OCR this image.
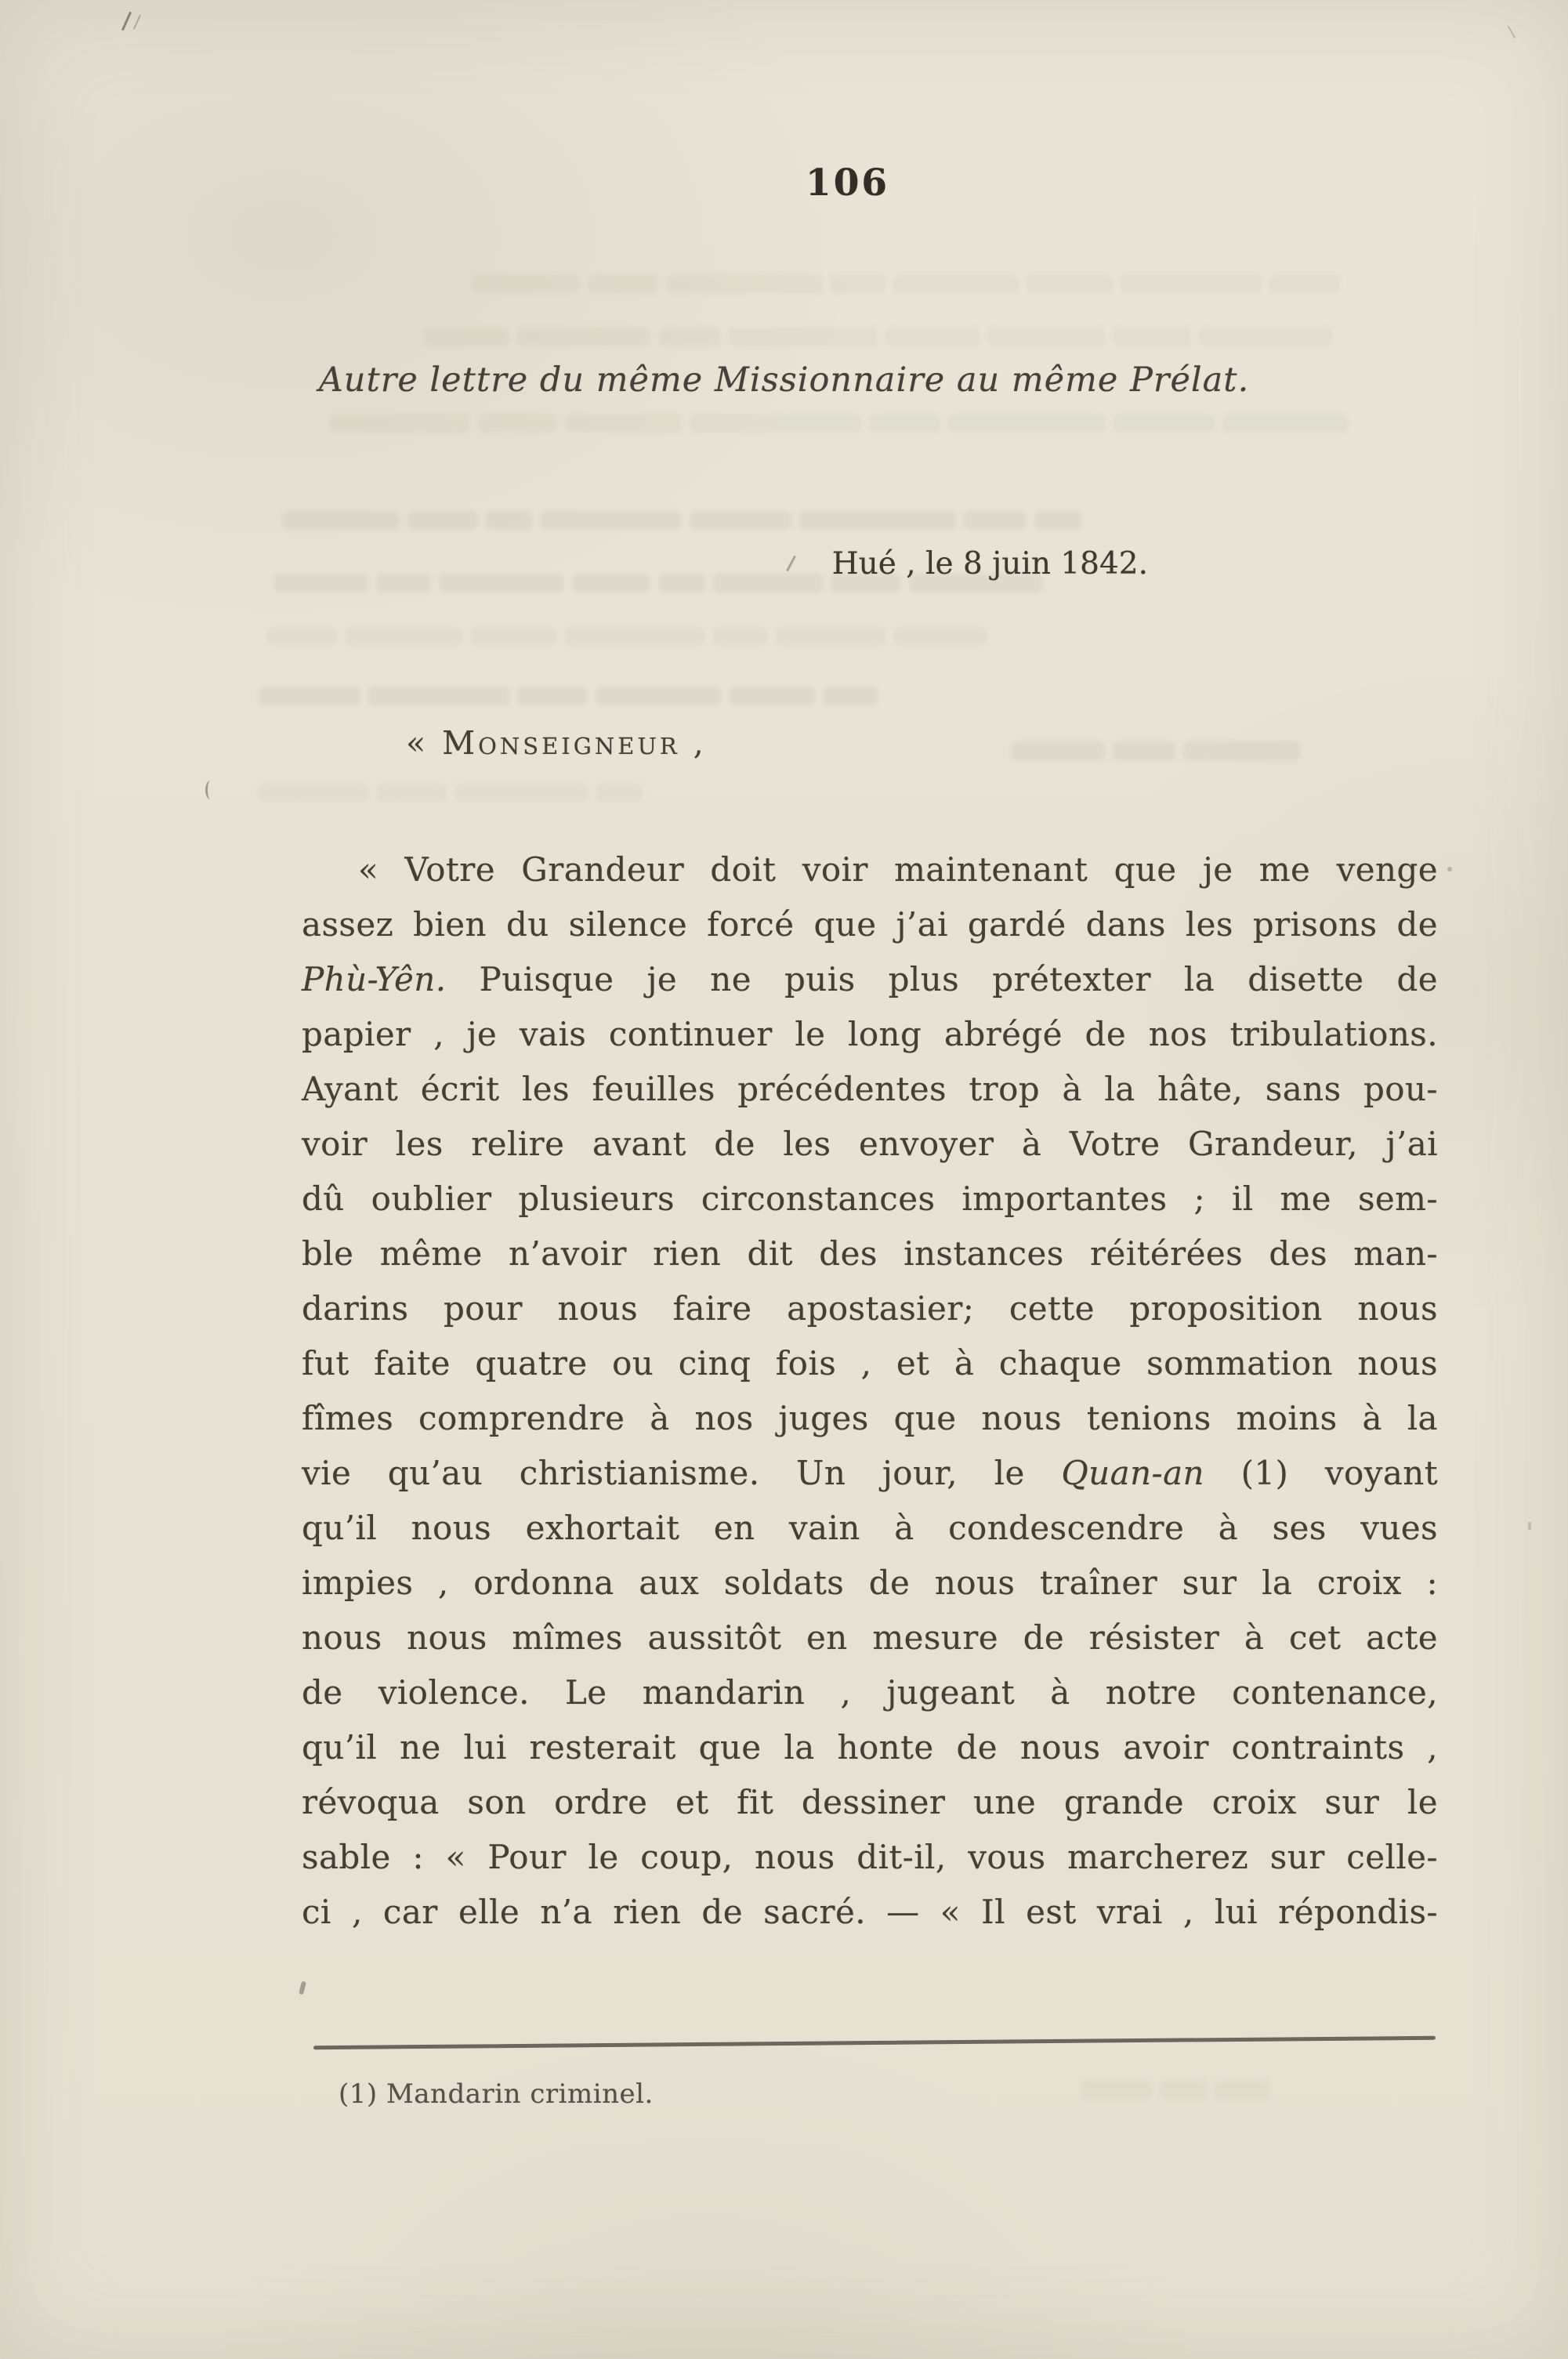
106
Autre lettre du même Missionnaire au même Prélat.
Hué , le 8 juin 1842.
« Monseigneur ,
« Votre Grandeur doit voir maintenant que je me venge
assez bien du silence forcé que j’ai gardé dans les prisons de
Phù-Yên. Puisque je ne puis plus prétexter la disette de
papier , je vais continuer le long abrégé de nos tribulations.
Ayant écrit les feuilles précédentes trop à la hâte, sans pou-
voir les relire avant de les envoyer à Votre Grandeur, j’ai
dû oublier plusieurs circonstances importantes ; il me sem-
ble même n’avoir rien dit des instances réitérées des man-
darins pour nous faire apostasier; cette proposition nous
fut faite quatre ou cinq fois , et à chaque sommation nous
fîmes comprendre à nos juges que nous tenions moins à la
vie qu’au christianisme. Un jour, le Quan-an (1) voyant
qu’il nous exhortait en vain à condescendre à ses vues
impies , ordonna aux soldats de nous traîner sur la croix :
nous nous mîmes aussitôt en mesure de résister à cet acte
de violence. Le mandarin , jugeant à notre contenance,
qu’il ne lui resterait que la honte de nous avoir contraints ,
révoqua son ordre et fit dessiner une grande croix sur le
sable : « Pour le coup, nous dit-il, vous marcherez sur celle-
ci , car elle n’a rien de sacré. — « Il est vrai , lui répondis-
(1) Mandarin criminel.
